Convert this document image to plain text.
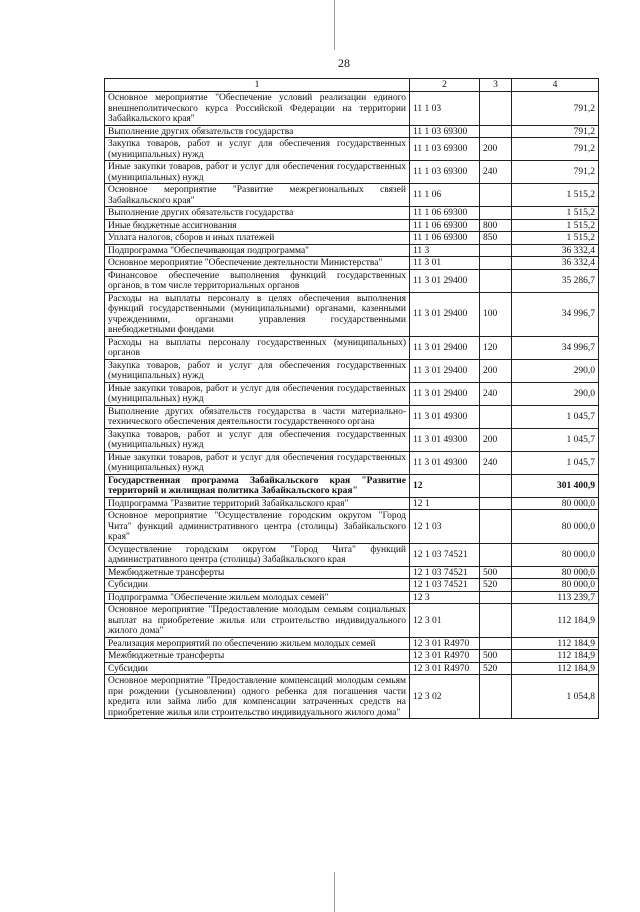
28
1	2	3	4
Основное мероприятие "Обеспечение условий реализации единого внешнеполитического курса Российской Федерации на территории Забайкальского края"	11 1 03		791,2
Выполнение других обязательств государства	11 1 03 69300		791,2
Закупка товаров, работ и услуг для обеспечения государственных (муниципальных) нужд	11 1 03 69300	200	791,2
Иные закупки товаров, работ и услуг для обеспечения государственных (муниципальных) нужд	11 1 03 69300	240	791,2
Основное мероприятие "Развитие межрегиональных связей Забайкальского края"	11 1 06		1 515,2
Выполнение других обязательств государства	11 1 06 69300		1 515,2
Иные бюджетные ассигнования	11 1 06 69300	800	1 515,2
Уплата налогов, сборов и иных платежей	11 1 06 69300	850	1 515,2
Подпрограмма "Обеспечивающая подпрограмма"	11 3		36 332,4
Основное мероприятие "Обеспечение деятельности Министерства"	11 3 01		36 332,4
Финансовое обеспечение выполнения функций государственных органов, в том числе территориальных органов	11 3 01 29400		35 286,7
Расходы на выплаты персоналу в целях обеспечения выполнения функций государственными (муниципальными) органами, казенными учреждениями, органами управления государственными внебюджетными фондами	11 3 01 29400	100	34 996,7
Расходы на выплаты персоналу государственных (муниципальных) органов	11 3 01 29400	120	34 996,7
Закупка товаров, работ и услуг для обеспечения государственных (муниципальных) нужд	11 3 01 29400	200	290,0
Иные закупки товаров, работ и услуг для обеспечения государственных (муниципальных) нужд	11 3 01 29400	240	290,0
Выполнение других обязательств государства в части материально-технического обеспечения деятельности государственного органа	11 3 01 49300		1 045,7
Закупка товаров, работ и услуг для обеспечения государственных (муниципальных) нужд	11 3 01 49300	200	1 045,7
Иные закупки товаров, работ и услуг для обеспечения государственных (муниципальных) нужд	11 3 01 49300	240	1 045,7
Государственная программа Забайкальского края "Развитие территорий и жилищная политика Забайкальского края"	12		301 400,9
Подпрограмма "Развитие территорий Забайкальского края"	12 1		80 000,0
Основное мероприятие "Осуществление городским округом "Город Чита" функций административного центра (столицы) Забайкальского края"	12 1 03		80 000,0
Осуществление городским округом "Город Чита" функций административного центра (столицы) Забайкальского края	12 1 03 74521		80 000,0
Межбюджетные трансферты	12 1 03 74521	500	80 000,0
Субсидии	12 1 03 74521	520	80 000,0
Подпрограмма "Обеспечение жильем молодых семей"	12 3		113 239,7
Основное мероприятие "Предоставление молодым семьям социальных выплат на приобретение жилья или строительство индивидуального жилого дома"	12 3 01		112 184,9
Реализация мероприятий по обеспечению жильем молодых семей	12 3 01 R4970		112 184,9
Межбюджетные трансферты	12 3 01 R4970	500	112 184,9
Субсидии	12 3 01 R4970	520	112 184,9
Основное мероприятие "Предоставление компенсаций молодым семьям при рождении (усыновлении) одного ребенка для погашения части кредита или займа либо для компенсации затраченных средств на приобретение жилья или строительство индивидуального жилого дома"	12 3 02		1 054,8
